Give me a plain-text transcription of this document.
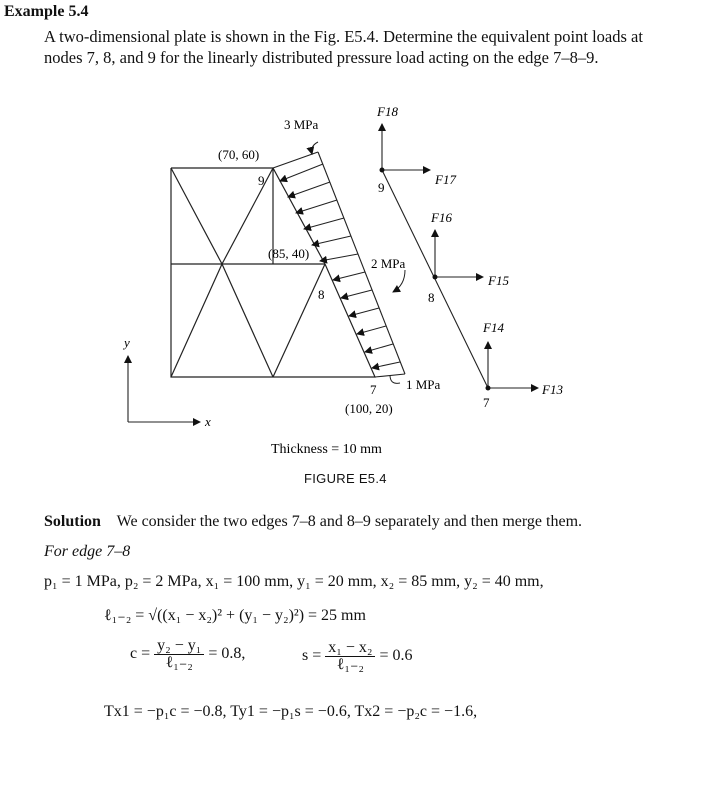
Example 5.4
A two-dimensional plate is shown in the Fig. E5.4. Determine the equivalent point loads at
nodes 7, 8, and 9 for the linearly distributed pressure load acting on the edge 7–8–9.
3 MPa
2 MPa
1 MPa
(70, 60)
(85, 40)
(100, 20)
9
8
7
y
x
9
8
7
F18
F17
F16
F15
F14
F13
Thickness = 10 mm
FIGURE E5.4
Solution We consider the two edges 7–8 and 8–9 separately and then merge them.
For edge 7–8
p₁ = 1 MPa, p₂ = 2 MPa, x₁ = 100 mm, y₁ = 20 mm, x₂ = 85 mm, y₂ = 40 mm,
ℓ₁₋₂ = √((x₁ − x₂)² + (y₁ − y₂)²) = 25 mm
$c = \frac{\text{y₂ − y₁}}{\text{ℓ₁₋₂}} = 0.8$,	$s = \frac{\text{x₁ − x₂}}{\text{ℓ₁₋₂}} = 0.6$
Tx1 = −p₁c = −0.8, Ty1 = −p₁s = −0.6, Tx2 = −p₂c = −1.6,
